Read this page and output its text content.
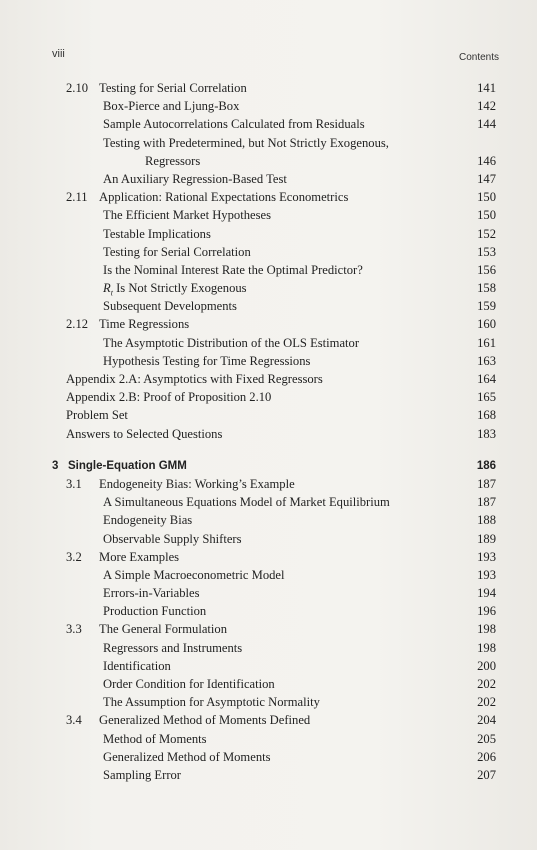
viii	Contents
2.10 Testing for Serial Correlation	141
Box-Pierce and Ljung-Box	142
Sample Autocorrelations Calculated from Residuals	144
Testing with Predetermined, but Not Strictly Exogenous,
Regressors	146
An Auxiliary Regression-Based Test	147
2.11 Application: Rational Expectations Econometrics	150
The Efficient Market Hypotheses	150
Testable Implications	152
Testing for Serial Correlation	153
Is the Nominal Interest Rate the Optimal Predictor?	156
$R_t$ Is Not Strictly Exogenous	158
Subsequent Developments	159
2.12 Time Regressions	160
The Asymptotic Distribution of the OLS Estimator	161
Hypothesis Testing for Time Regressions	163
Appendix 2.A: Asymptotics with Fixed Regressors	164
Appendix 2.B: Proof of Proposition 2.10	165
Problem Set	168
Answers to Selected Questions	183
3 Single-Equation GMM	186
3.1 Endogeneity Bias: Working’s Example	187
A Simultaneous Equations Model of Market Equilibrium	187
Endogeneity Bias	188
Observable Supply Shifters	189
3.2 More Examples	193
A Simple Macroeconometric Model	193
Errors-in-Variables	194
Production Function	196
3.3 The General Formulation	198
Regressors and Instruments	198
Identification	200
Order Condition for Identification	202
The Assumption for Asymptotic Normality	202
3.4 Generalized Method of Moments Defined	204
Method of Moments	205
Generalized Method of Moments	206
Sampling Error	207
